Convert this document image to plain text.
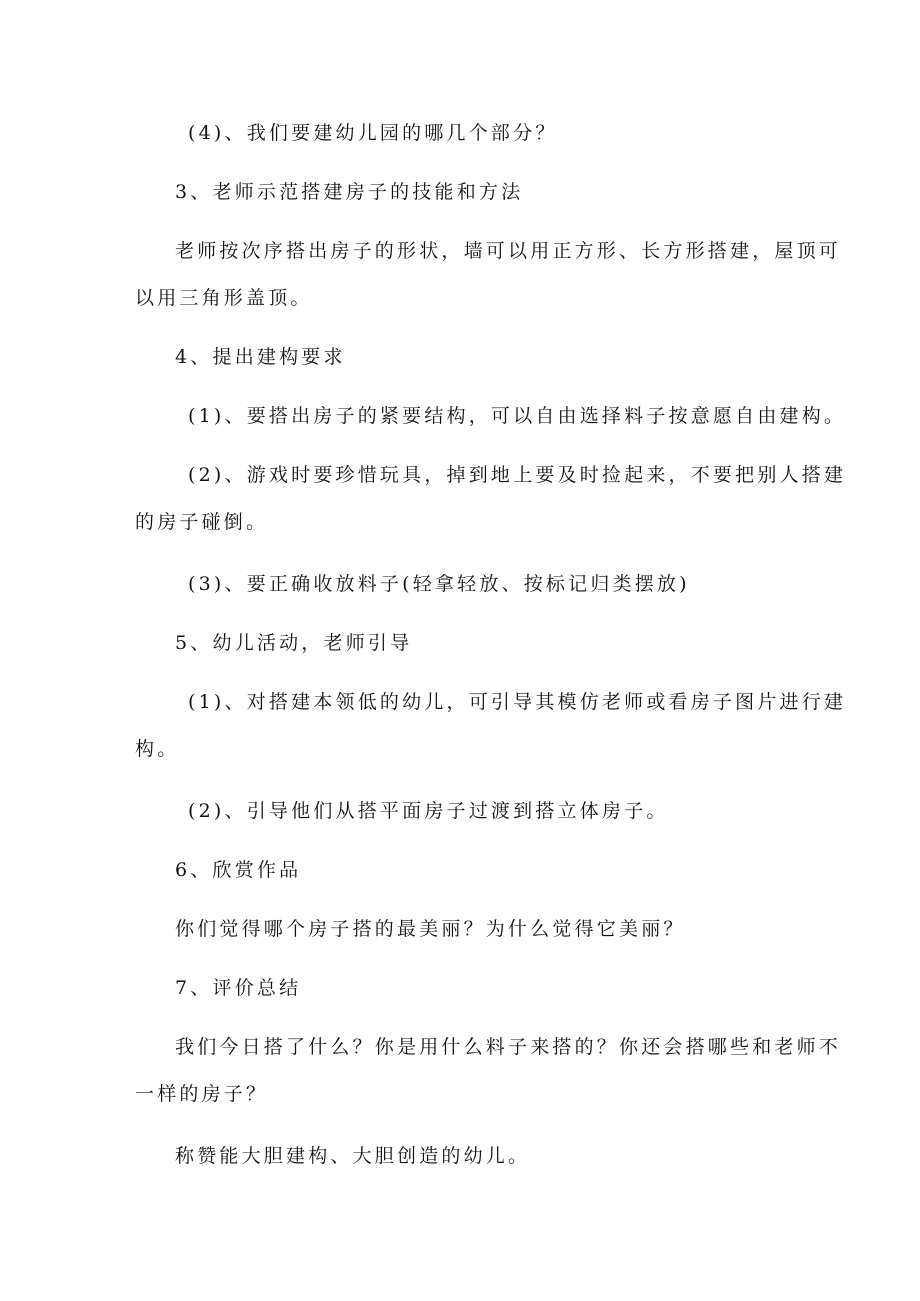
(4)、我们要建幼儿园的哪几个部分？
3、老师示范搭建房子的技能和方法
老师按次序搭出房子的形状，墙可以用正方形、长方形搭建，屋顶可
以用三角形盖顶。
4、提出建构要求
(1)、要搭出房子的紧要结构，可以自由选择料子按意愿自由建构。
(2)、游戏时要珍惜玩具，掉到地上要及时捡起来，不要把别人搭建
的房子碰倒。
(3)、要正确收放料子(轻拿轻放、按标记归类摆放)
5、幼儿活动，老师引导
(1)、对搭建本领低的幼儿，可引导其模仿老师或看房子图片进行建
构。
(2)、引导他们从搭平面房子过渡到搭立体房子。
6、欣赏作品
你们觉得哪个房子搭的最美丽？为什么觉得它美丽？
7、评价总结
我们今日搭了什么？你是用什么料子来搭的？你还会搭哪些和老师不
一样的房子？
称赞能大胆建构、大胆创造的幼儿。
